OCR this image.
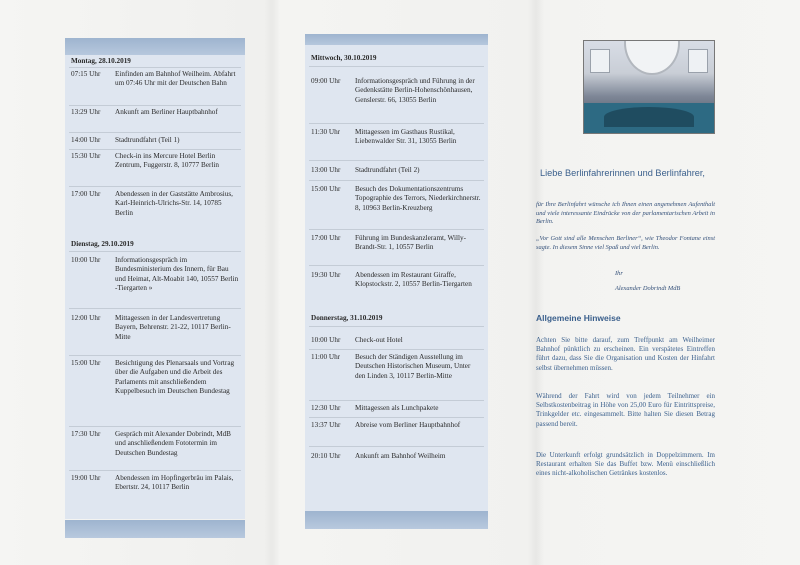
Montag, 28.10.2019
07:15 Uhr	Einfinden am Bahnhof Weilheim. Abfahrt um 07:46 Uhr mit der Deutschen Bahn
13:29 Uhr	Ankunft am Berliner Hauptbahnhof
14:00 Uhr	Stadtrundfahrt (Teil 1)
15:30 Uhr	Check-in ins Mercure Hotel Berlin Zentrum, Fuggerstr. 8, 10777 Berlin
17:00 Uhr	Abendessen in der Gaststätte Ambrosius, Karl-Heinrich-Ulrichs-Str. 14, 10785 Berlin
Dienstag, 29.10.2019
10:00 Uhr	Informationsgespräch im Bundesministerium des Innern, für Bau und Heimat, Alt-Moabit 140, 10557 Berlin -Tiergarten »
12:00 Uhr	Mittagessen in der Landesvertretung Bayern, Behrenstr. 21-22, 10117 Berlin-Mitte
15:00 Uhr	Besichtigung des Plenarsaals und Vortrag über die Aufgaben und die Arbeit des Parlaments mit anschließendem Kuppelbesuch im Deutschen Bundestag
17:30 Uhr	Gespräch mit Alexander Dobrindt, MdB und anschließendem Fototermin im Deutschen Bundestag
19:00 Uhr	Abendessen im Hopfingerbräu im Palais, Ebertstr. 24, 10117 Berlin
Mittwoch, 30.10.2019
09:00 Uhr	Informationsgespräch und Führung in der Gedenkstätte Berlin-Hohenschönhausen, Genslerstr. 66, 13055 Berlin
11:30 Uhr	Mittagessen im Gasthaus Rustikal, Liebenwalder Str. 31, 13055 Berlin
13:00 Uhr	Stadtrundfahrt (Teil 2)
15:00 Uhr	Besuch des Dokumentationszentrums Topographie des Terrors, Niederkirchnerstr. 8, 10963 Berlin-Kreuzberg
17:00 Uhr	Führung im Bundeskanzleramt, Willy-Brandt-Str. 1, 10557 Berlin
19:30 Uhr	Abendessen im Restaurant Giraffe, Klopstockstr. 2, 10557 Berlin-Tiergarten
Donnerstag, 31.10.2019
10:00 Uhr	Check-out Hotel
11:00 Uhr	Besuch der Ständigen Ausstellung im Deutschen Historischen Museum, Unter den Linden 3, 10117 Berlin-Mitte
12:30 Uhr	Mittagessen als Lunchpakete
13:37 Uhr	Abreise vom Berliner Hauptbahnhof
20:10 Uhr	Ankunft am Bahnhof Weilheim
Liebe Berlinfahrerinnen und Berlinfahrer,
für Ihre Berlinfahrt wünsche ich Ihnen einen angenehmen Aufenthalt und viele interessante Eindrücke von der parlamentarischen Arbeit in Berlin.
„Vor Gott sind alle Menschen Berliner“, wie Theodor Fontane einst sagte. In diesem Sinne viel Spaß und viel Berlin.
Ihr
Alexander Dobrindt MdB
Allgemeine Hinweise
Achten Sie bitte darauf, zum Treffpunkt am Weilheimer Bahnhof pünktlich zu erscheinen. Ein verspätetes Eintreffen führt dazu, dass Sie die Organisation und Kosten der Hinfahrt selbst übernehmen müssen.
Während der Fahrt wird von jedem Teilnehmer ein Selbstkostenbeitrag in Höhe von 25,00 Euro für Eintrittspreise, Trinkgelder etc. eingesammelt. Bitte halten Sie diesen Betrag passend bereit.
Die Unterkunft erfolgt grundsätzlich in Doppelzimmern. Im Restaurant erhalten Sie das Buffet bzw. Menü einschließlich eines nicht-alkoholischen Getränkes kostenlos.
